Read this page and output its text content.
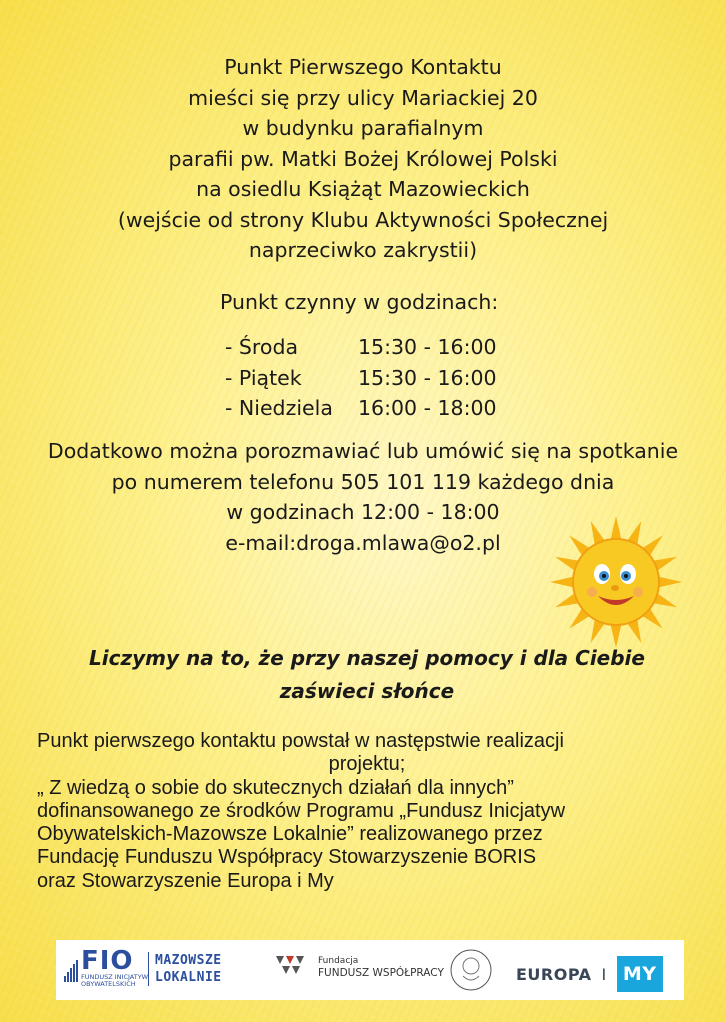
Punkt Pierwszego Kontaktu
mieści się przy ulicy Mariackiej 20
w budynku parafialnym
parafii pw. Matki Bożej Królowej Polski
na osiedlu Książąt Mazowieckich
(wejście od strony Klubu Aktywności Społecznej
naprzeciwko zakrystii)
Punkt czynny w godzinach:
- Środa	15:30 - 16:00
- Piątek	15:30 - 16:00
- Niedziela	16:00 - 18:00
Dodatkowo można porozmawiać lub umówić się na spotkanie
po numerem telefonu 505 101 119 każdego dnia
w godzinach 12:00 - 18:00
e-mail:droga.mlawa@o2.pl
Liczymy na to, że przy naszej pomocy i dla Ciebie
zaświeci słońce
Punkt pierwszego kontaktu powstał w następstwie realizacji
projektu;
„ Z wiedzą o sobie do skutecznych działań dla innych”
dofinansowanego ze środków Programu „Fundusz Inicjatyw
Obywatelskich-Mazowsze Lokalnie” realizowanego przez
Fundację Funduszu Współpracy Stowarzyszenie BORIS
oraz Stowarzyszenie Europa i My
FIO
FUNDUSZ INICJATYW
OBYWATELSKICH
MAZOWSZE
LOKALNIE
Fundacja
FUNDUSZ WSPÓŁPRACY	EUROPA I MY
